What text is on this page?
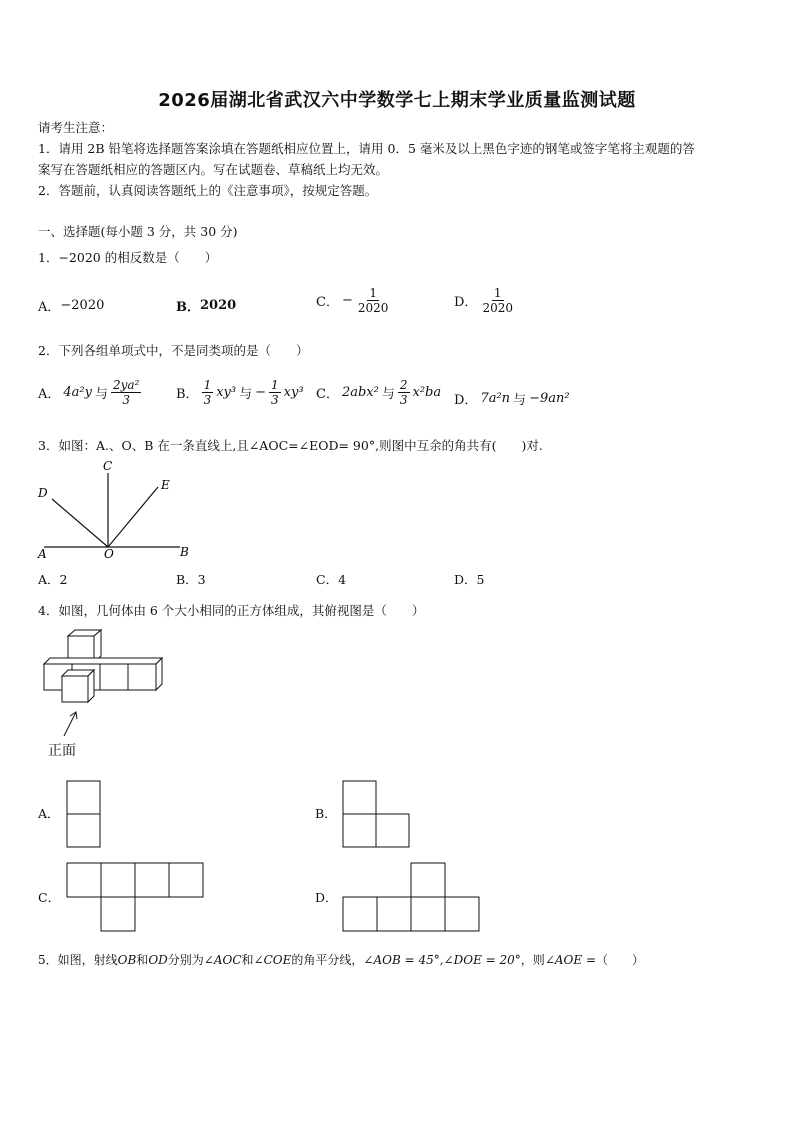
2026届湖北省武汉六中学数学七上期末学业质量监测试题
请考生注意：
1．请用 2B 铅笔将选择题答案涂填在答题纸相应位置上，请用 0．5 毫米及以上黑色字迹的钢笔或签字笔将主观题的答
案写在答题纸相应的答题区内。写在试题卷、草稿纸上均无效。
2．答题前，认真阅读答题纸上的《注意事项》，按规定答题。
一、选择题(每小题 3 分，共 30 分)
1．−2020 的相反数是（　　）
A． −2020	B． 2020	C． − $\frac{1}{2020}$	D． $\frac{1}{2020}$
2．下列各组单项式中，不是同类项的是（　　）
A． 4a²y 与 $\frac{\text{2ya²}}{3}$	B． $\frac{1}{3} xy^3$ 与 − $\frac{1}{3} xy^3$ C． 2abx² 与 $\frac{2}{3} x^2ba$
D． 7a²n 与 −9an²
3．如图：A.、O、B 在一条直线上,且∠AOC=∠EOD= 90°,则图中互余的角共有(　　)对.
A	O	B
C
D
E
A．2	B．3	C．4	D．5
4．如图，几何体由 6 个大小相同的正方体组成，其俯视图是（　　）
正面
A．	B．
C．	D．
5．如图，射线OB和OD分别为∠AOC和∠COE的角平分线，∠AOB = 45°,∠DOE = 20°，则∠AOE =（　　）
